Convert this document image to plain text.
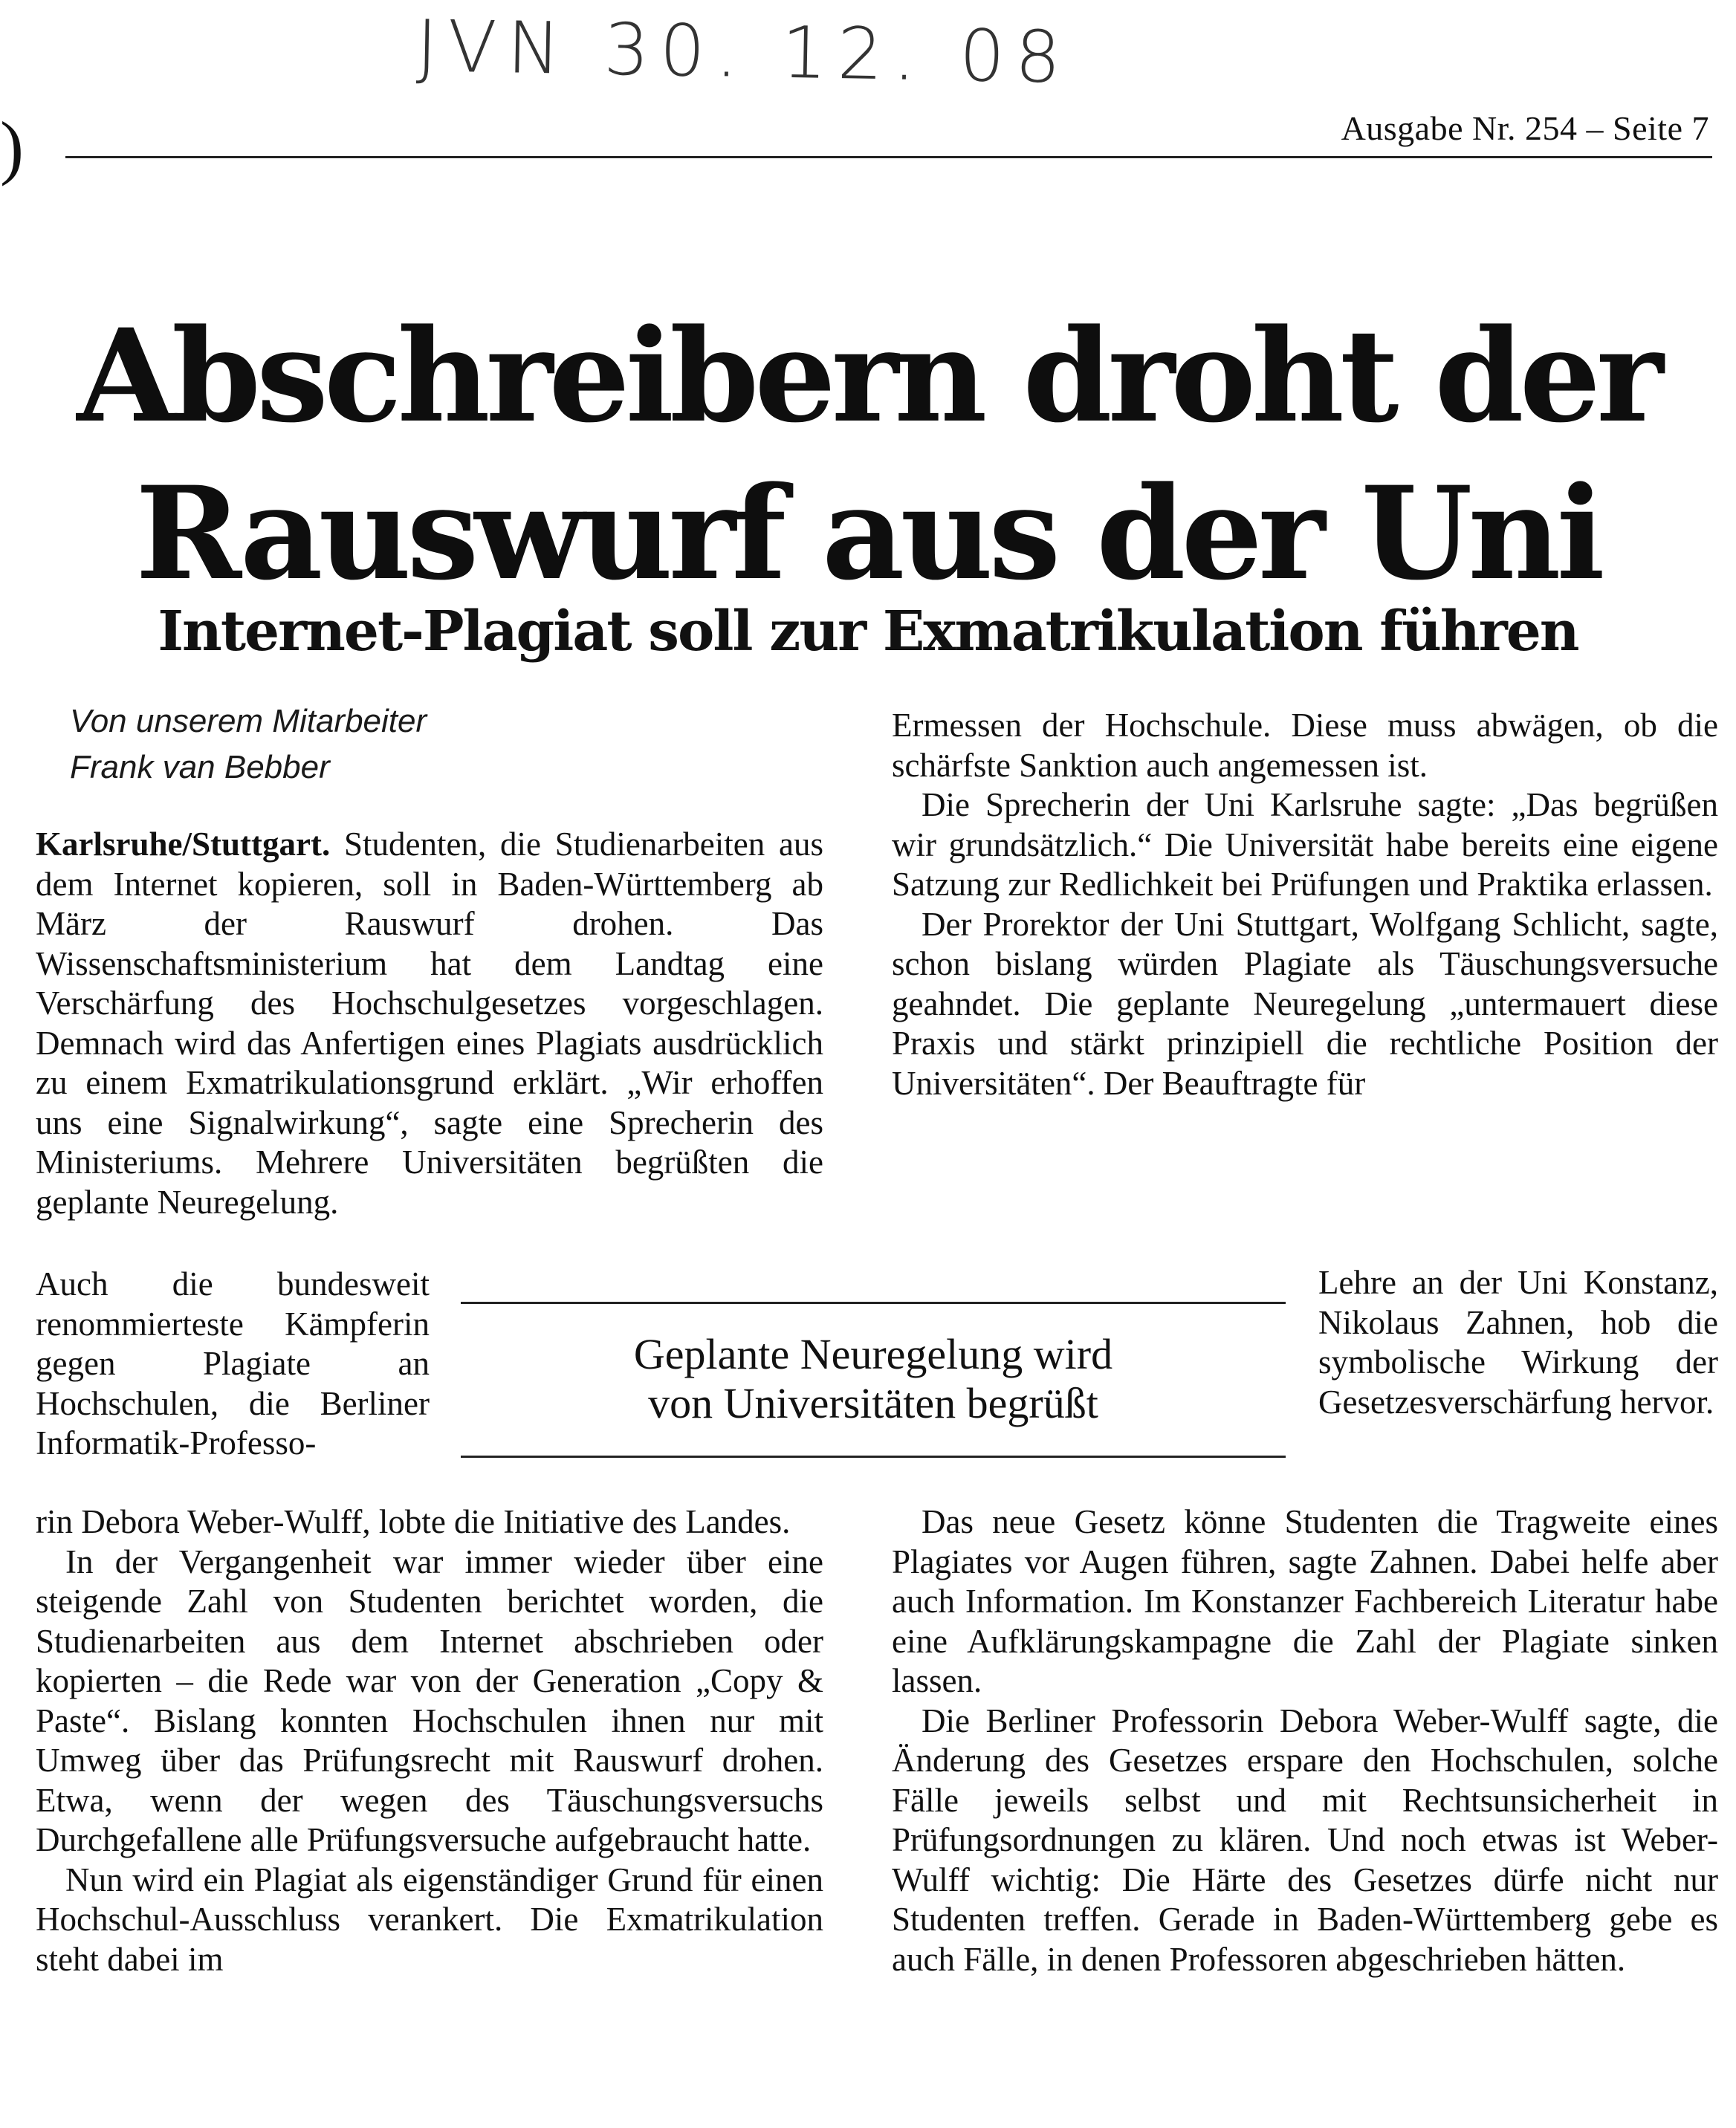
JVN 30. 12. 08
)	Ausgabe Nr. 254 – Seite 7
Abschreibern droht der
Rauswurf aus der Uni
Internet-Plagiat soll zur Exmatrikulation führen
Von unserem Mitarbeiter
Frank van Bebber

Karlsruhe/Stuttgart. Studenten, die Studienarbeiten aus dem Internet kopieren, soll in Baden-Württemberg ab März der Rauswurf drohen. Das Wissenschaftsministerium hat dem Landtag eine Verschärfung des Hochschulgesetzes vorgeschlagen. Demnach wird das Anfertigen eines Plagiats ausdrücklich zu einem Exmatrikulationsgrund erklärt. „Wir erhoffen uns eine Signalwirkung“, sagte eine Sprecherin des Ministeriums. Mehrere Universitäten begrüßten die geplante Neuregelung.

Auch die bundesweit renommierteste Kämpferin gegen Plagiate an Hochschulen, die Berliner Informatik-Professo-

rin Debora Weber-Wulff, lobte die Initiative des Landes.

In der Vergangenheit war immer wieder über eine steigende Zahl von Studenten berichtet worden, die Studienarbeiten aus dem Internet abschrieben oder kopierten – die Rede war von der Generation „Copy & Paste“. Bislang konnten Hochschulen ihnen nur mit Umweg über das Prüfungsrecht mit Rauswurf drohen. Etwa, wenn der wegen des Täuschungsversuchs Durchgefallene alle Prüfungsversuche aufgebraucht hatte.

Nun wird ein Plagiat als eigenständiger Grund für einen Hochschul-Ausschluss verankert. Die Exmatrikulation steht dabei im

Geplante Neuregelung wird
von Universitäten begrüßt

Ermessen der Hochschule. Diese muss abwägen, ob die schärfste Sanktion auch angemessen ist.

Die Sprecherin der Uni Karlsruhe sagte: „Das begrüßen wir grundsätzlich.“ Die Universität habe bereits eine eigene Satzung zur Redlichkeit bei Prüfungen und Praktika erlassen.

Der Prorektor der Uni Stuttgart, Wolfgang Schlicht, sagte, schon bislang würden Plagiate als Täuschungsversuche geahndet. Die geplante Neuregelung „untermauert diese Praxis und stärkt prinzipiell die rechtliche Position der Universitäten“. Der Beauftragte für

Lehre an der Uni Konstanz, Nikolaus Zahnen, hob die symbolische Wirkung der Gesetzesverschärfung hervor.

Das neue Gesetz könne Studenten die Tragweite eines Plagiates vor Augen führen, sagte Zahnen. Dabei helfe aber auch Information. Im Konstanzer Fachbereich Literatur habe eine Aufklärungskampagne die Zahl der Plagiate sinken lassen.

Die Berliner Professorin Debora Weber-Wulff sagte, die Änderung des Gesetzes erspare den Hochschulen, solche Fälle jeweils selbst und mit Rechtsunsicherheit in Prüfungsordnungen zu klären. Und noch etwas ist Weber-Wulff wichtig: Die Härte des Gesetzes dürfe nicht nur Studenten treffen. Gerade in Baden-Württemberg gebe es auch Fälle, in denen Professoren abgeschrieben hätten.
